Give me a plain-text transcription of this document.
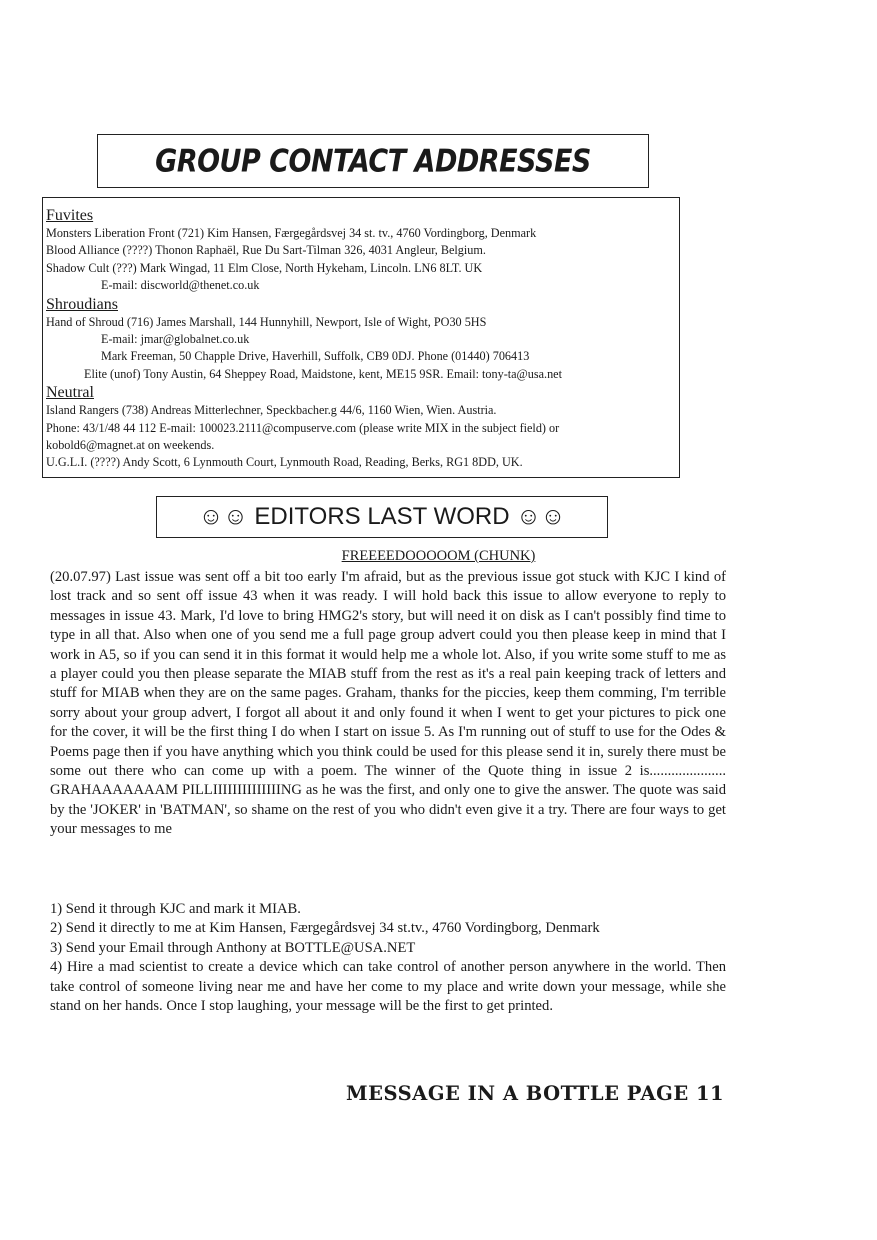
GROUP CONTACT ADDRESSES

Fuvites

Monsters Liberation Front (721) Kim Hansen, Færgegårdsvej 34 st. tv., 4760 Vordingborg, Denmark

Blood Alliance (????) Thonon Raphaël, Rue Du Sart-Tilman 326, 4031 Angleur, Belgium.

Shadow Cult (???) Mark Wingad, 11 Elm Close, North Hykeham, Lincoln. LN6 8LT. UK

E-mail: discworld@thenet.co.uk

Shroudians

Hand of Shroud (716) James Marshall, 144 Hunnyhill, Newport, Isle of Wight, PO30 5HS

E-mail: jmar@globalnet.co.uk

Mark Freeman, 50 Chapple Drive, Haverhill, Suffolk, CB9 0DJ. Phone (01440) 706413

Elite (unof) Tony Austin, 64 Sheppey Road, Maidstone, kent, ME15 9SR. Email: tony-ta@usa.net

Neutral

Island Rangers (738) Andreas Mitterlechner, Speckbacher.g 44/6, 1160 Wien, Wien. Austria.

Phone: 43/1/48 44 112 E-mail: 100023.2111@compuserve.com (please write MIX in the subject field) or

kobold6@magnet.at on weekends.

U.G.L.I. (????) Andy Scott, 6 Lynmouth Court, Lynmouth Road, Reading, Berks, RG1 8DD, UK.

☺☺ EDITORS LAST WORD ☺☺
FREEEEDOOOOOM (CHUNK)

(20.07.97) Last issue was sent off a bit too early I'm afraid, but as the previous issue got stuck with KJC I kind of lost track and so sent off issue 43 when it was ready. I will hold back this issue to allow everyone to reply to messages in issue 43. Mark, I'd love to bring HMG2's story, but will need it on disk as I can't possibly find time to type in all that. Also when one of you send me a full page group advert could you then please keep in mind that I work in A5, so if you can send it in this format it would help me a whole lot. Also, if you write some stuff to me as a player could you then please separate the MIAB stuff from the rest as it's a real pain keeping track of letters and stuff for MIAB when they are on the same pages. Graham, thanks for the piccies, keep them comming, I'm terrible sorry about your group advert, I forgot all about it and only found it when I went to get your pictures to pick one for the cover, it will be the first thing I do when I start on issue 5. As I'm running out of stuff to use for the Odes & Poems page then if you have anything which you think could be used for this please send it in, surely there must be some out there who can come up with a poem. The winner of the Quote thing in issue 2 is..................... GRAHAAAAAAAM PILLIIIIIIIIIIIIIING as he was the first, and only one to give the answer. The quote was said by the 'JOKER' in 'BATMAN', so shame on the rest of you who didn't even give it a try. There are four ways to get your messages to me

1) Send it through KJC and mark it MIAB.

2) Send it directly to me at Kim Hansen, Færgegårdsvej 34 st.tv., 4760 Vordingborg, Denmark

3) Send your Email through Anthony at BOTTLE@USA.NET

4) Hire a mad scientist to create a device which can take control of another person anywhere in the world. Then take control of someone living near me and have her come to my place and write down your message, while she stand on her hands. Once I stop laughing, your message will be the first to get printed.

MESSAGE IN A BOTTLE PAGE 11
